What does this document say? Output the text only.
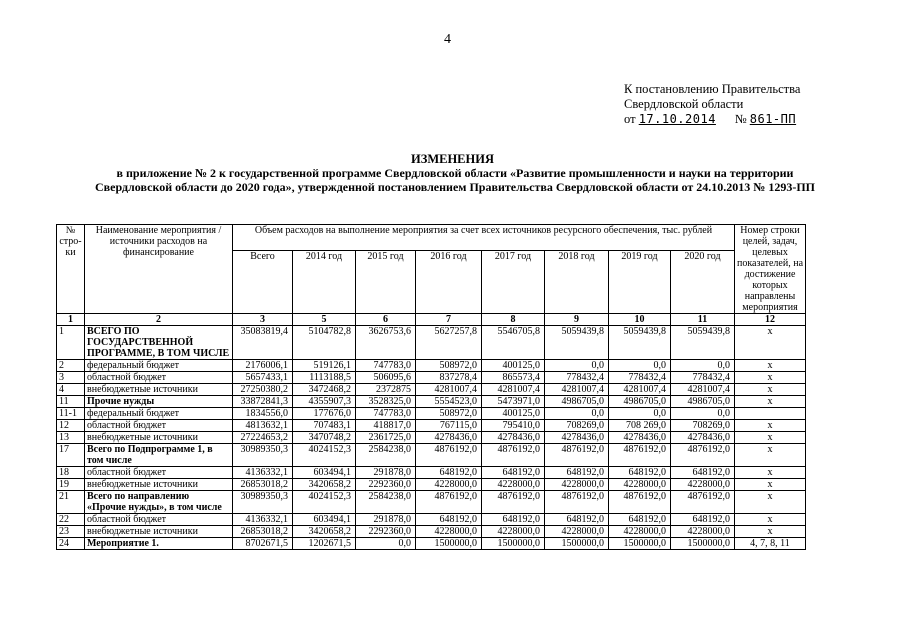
4
К постановлению Правительства
Свердловской области
от 17.10.2014 № 861-ПП
ИЗМЕНЕНИЯ
в приложение № 2 к государственной программе Свердловской области «Развитие промышленности и науки на территории
Свердловской области до 2020 года», утвержденной постановлением Правительства Свердловской области от 24.10.2013 № 1293-ПП
№ стро- ки	Наименование мероприятия / источники расходов на финансирование	Объем расходов на выполнение мероприятия за счет всех источников ресурсного обеспечения, тыс. рублей								Номер строки целей, задач, целевых показателей, на достижение которых направлены мероприятия
		Всего	2014 год	2015 год	2016 год	2017 год	2018 год	2019 год	2020 год	
1	2	3	5	6	7	8	9	10	11	12
1	ВСЕГО ПО ГОСУДАРСТВЕННОЙ ПРОГРАММЕ, В ТОМ ЧИСЛЕ	35083819,4	5104782,8	3626753,6	5627257,8	5546705,8	5059439,8	5059439,8	5059439,8	х
2	федеральный бюджет	2176006,1	519126,1	747783,0	508972,0	400125,0	0,0	0,0	0,0	х
3	областной бюджет	5657433,1	1113188,5	506095,6	837278,4	865573,4	778432,4	778432,4	778432,4	х
4	внебюджетные источники	27250380,2	3472468,2	2372875	4281007,4	4281007,4	4281007,4	4281007,4	4281007,4	х
11	Прочие нужды	33872841,3	4355907,3	3528325,0	5554523,0	5473971,0	4986705,0	4986705,0	4986705,0	х
11-1	федеральный бюджет	1834556,0	177676,0	747783,0	508972,0	400125,0	0,0	0,0	0,0	
12	областной бюджет	4813632,1	707483,1	418817,0	767115,0	795410,0	708269,0	708 269,0	708269,0	х
13	внебюджетные источники	27224653,2	3470748,2	2361725,0	4278436,0	4278436,0	4278436,0	4278436,0	4278436,0	х
17	Всего по Подпрограмме 1, в том числе	30989350,3	4024152,3	2584238,0	4876192,0	4876192,0	4876192,0	4876192,0	4876192,0	х
18	областной бюджет	4136332,1	603494,1	291878,0	648192,0	648192,0	648192,0	648192,0	648192,0	х
19	внебюджетные источники	26853018,2	3420658,2	2292360,0	4228000,0	4228000,0	4228000,0	4228000,0	4228000,0	х
21	Всего по направлению «Прочие нужды», в том числе	30989350,3	4024152,3	2584238,0	4876192,0	4876192,0	4876192,0	4876192,0	4876192,0	х
22	областной бюджет	4136332,1	603494,1	291878,0	648192,0	648192,0	648192,0	648192,0	648192,0	х
23	внебюджетные источники	26853018,2	3420658,2	2292360,0	4228000,0	4228000,0	4228000,0	4228000,0	4228000,0	х
24	Мероприятие 1.	8702671,5	1202671,5	0,0	1500000,0	1500000,0	1500000,0	1500000,0	1500000,0	4, 7, 8, 11
